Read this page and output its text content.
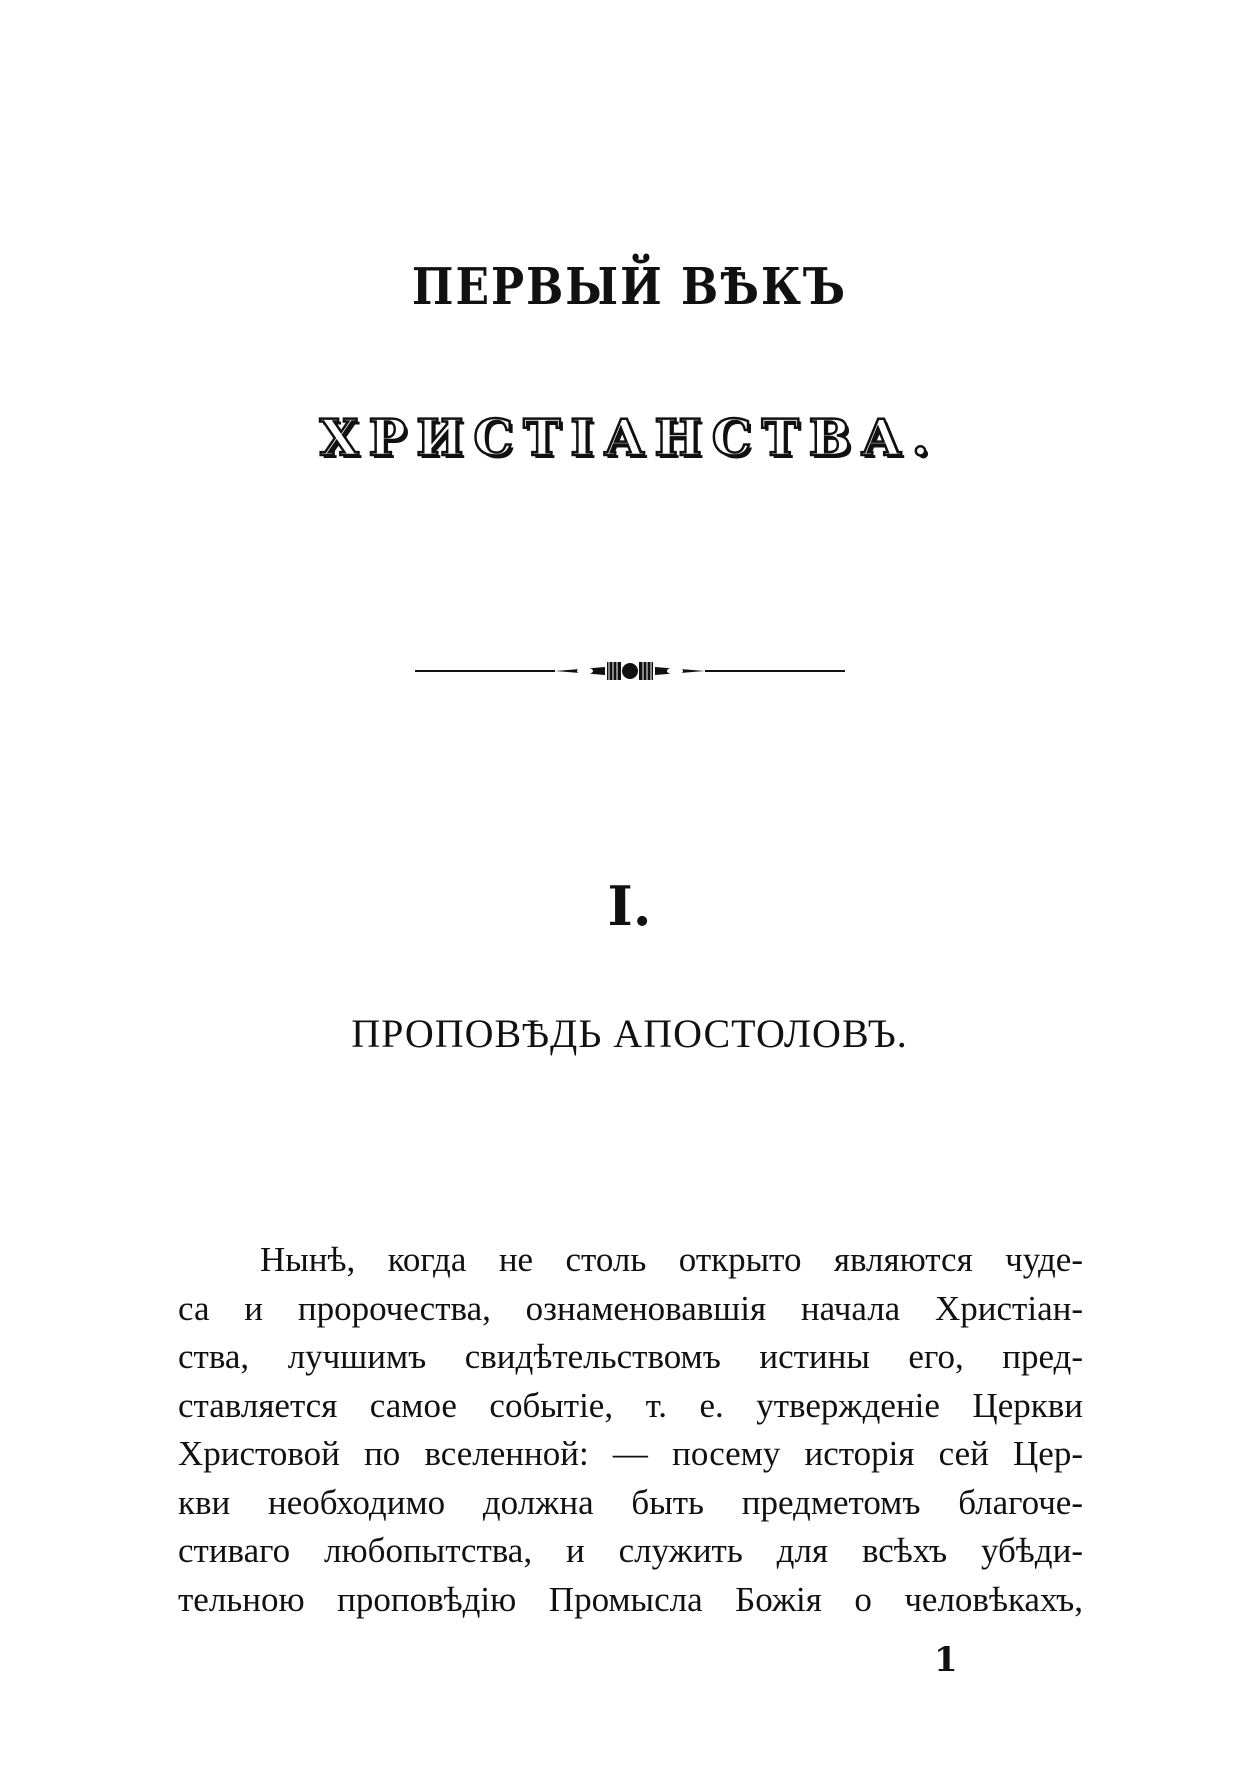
ПЕРВЫЙ ВѢКЪ
ХРИСТІАНСТВА.
I.
ПРОПОВѢДЬ АПОСТОЛОВЪ.
Нынѣ, когда не столь открыто являются чуде-
са и пророчества, ознаменовавшія начала Христіан-
ства, лучшимъ свидѣтельствомъ истины его, пред-
ставляется самое событіе, т. е. утвержденіе Церкви
Христовой по вселенной: — посему исторія сей Цер-
кви необходимо должна быть предметомъ благоче-
стиваго любопытства, и служить для всѣхъ убѣди-
тельною проповѣдію Промысла Божія о человѣкахъ,
1
